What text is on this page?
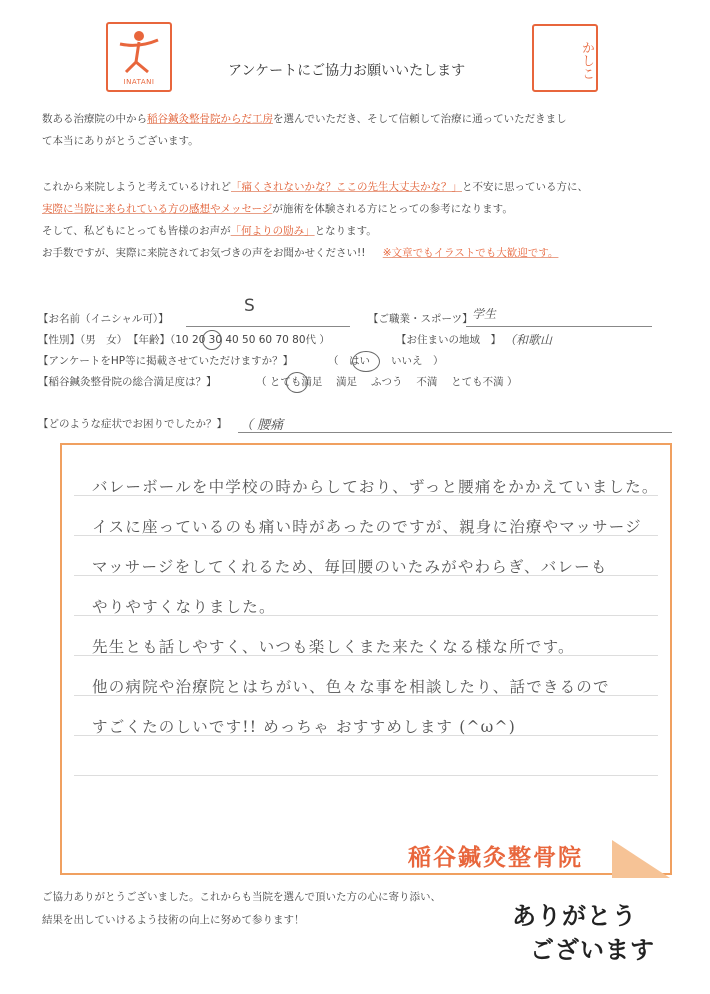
INATANI
かしこ
アンケートにご協力お願いいたします
数ある治療院の中から稲谷鍼灸整骨院からだ工房を選んでいただき、そして信頼して治療に通っていただきまし
て本当にありがとうございます。
これから来院しようと考えているけれど「痛くされないかな？ここの先生大丈夫かな？」と不安に思っている方に、
実際に当院に来られている方の感想やメッセージが施術を体験される方にとっての参考になります。
そして、私どもにとっても皆様のお声が「何よりの励み」となります。
お手数ですが、実際に来院されてお気づきの声をお聞かせください!! ※文章でもイラストでも大歓迎です。
【お名前（イニシャル可）】
S
【ご職業・スポーツ】 学生
【性別】（男　女） 【年齢】（10 20 30 40 50 60 70 80代 ）	【お住まいの地域　】 （和歌山
【アンケートをHP等に掲載させていただけますか？】	（　はい　　いいえ　）
【稲谷鍼灸整骨院の総合満足度は？】	（ とても満足　 満足　 ふつう　 不満　 とても不満 ）
【どのような症状でお困りでしたか？】 （ 腰痛
バレーボールを中学校の時からしており、ずっと腰痛をかかえていました。
イスに座っているのも痛い時があったのですが、親身に治療やマッサージ
マッサージをしてくれるため、毎回腰のいたみがやわらぎ、バレーも
やりやすくなりました。
先生とも話しやすく、いつも楽しくまた来たくなる様な所です。
他の病院や治療院とはちがい、色々な事を相談したり、話できるので
すごくたのしいです!! めっちゃ おすすめします (^ω^)
稲谷鍼灸整骨院
ご協力ありがとうございました。これからも当院を選んで頂いた方の心に寄り添い、
結果を出していけるよう技術の向上に努めて参ります！	ありがとう
ございます
